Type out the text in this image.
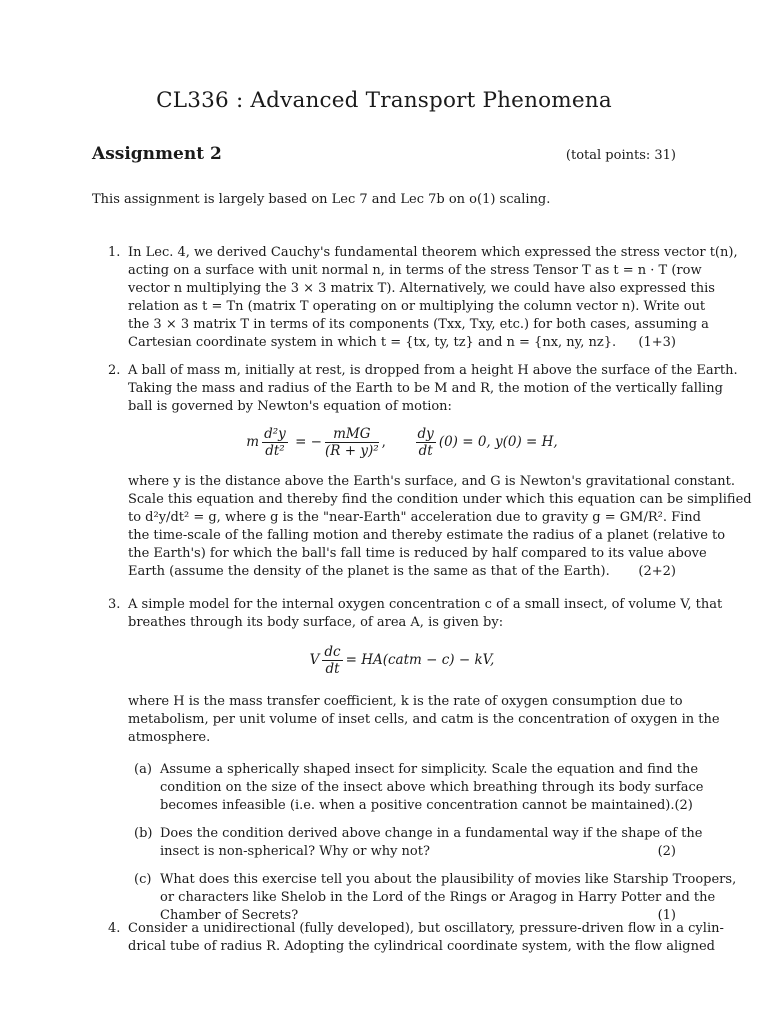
CL336 : Advanced Transport Phenomena
Assignment 2	(total points: 31)
This assignment is largely based on Lec 7 and Lec 7b on o(1) scaling.
1. In Lec. 4, we derived Cauchy's fundamental theorem which expressed the stress vector t(n),
acting on a surface with unit normal n, in terms of the stress Tensor T as t = n · T (row
vector n multiplying the 3 × 3 matrix T). Alternatively, we could have also expressed this
relation as t = Tn (matrix T operating on or multiplying the column vector n). Write out
the 3 × 3 matrix T in terms of its components (Txx, Txy, etc.) for both cases, assuming a
Cartesian coordinate system in which t = {tx, ty, tz} and n = {nx, ny, nz}. (1+3)
2. A ball of mass m, initially at rest, is dropped from a height H above the surface of the Earth.
Taking the mass and radius of the Earth to be M and R, the motion of the vertically falling
ball is governed by Newton's equation of motion:
m $\frac{\text{d²y}}{\text{dt²}}$ = − $\frac{\text{mMG}}{\text{(R + y)²}}$ , $\frac{dy}{dt} (0) = 0$, y(0) = H,
where y is the distance above the Earth's surface, and G is Newton's gravitational constant.
Scale this equation and thereby find the condition under which this equation can be simplified
to d²y/dt² = g, where g is the "near-Earth" acceleration due to gravity g = GM/R². Find
the time-scale of the falling motion and thereby estimate the radius of a planet (relative to
the Earth's) for which the ball's fall time is reduced by half compared to its value above
Earth (assume the density of the planet is the same as that of the Earth). (2+2)
3. A simple model for the internal oxygen concentration c of a small insect, of volume V, that
breathes through its body surface, of area A, is given by:
V $\frac{dc}{dt}$ = HA(catm − c) − kV,
where H is the mass transfer coefficient, k is the rate of oxygen consumption due to
metabolism, per unit volume of inset cells, and catm is the concentration of oxygen in the
atmosphere.
(a) Assume a spherically shaped insect for simplicity. Scale the equation and find the
condition on the size of the insect above which breathing through its body surface
becomes infeasible (i.e. when a positive concentration cannot be maintained). (2)
(b) Does the condition derived above change in a fundamental way if the shape of the
insect is non-spherical? Why or why not?	(2)
(c) What does this exercise tell you about the plausibility of movies like Starship Troopers,
or characters like Shelob in the Lord of the Rings or Aragog in Harry Potter and the
Chamber of Secrets?	(1)
4. Consider a unidirectional (fully developed), but oscillatory, pressure-driven flow in a cylin-
drical tube of radius R. Adopting the cylindrical coordinate system, with the flow aligned
